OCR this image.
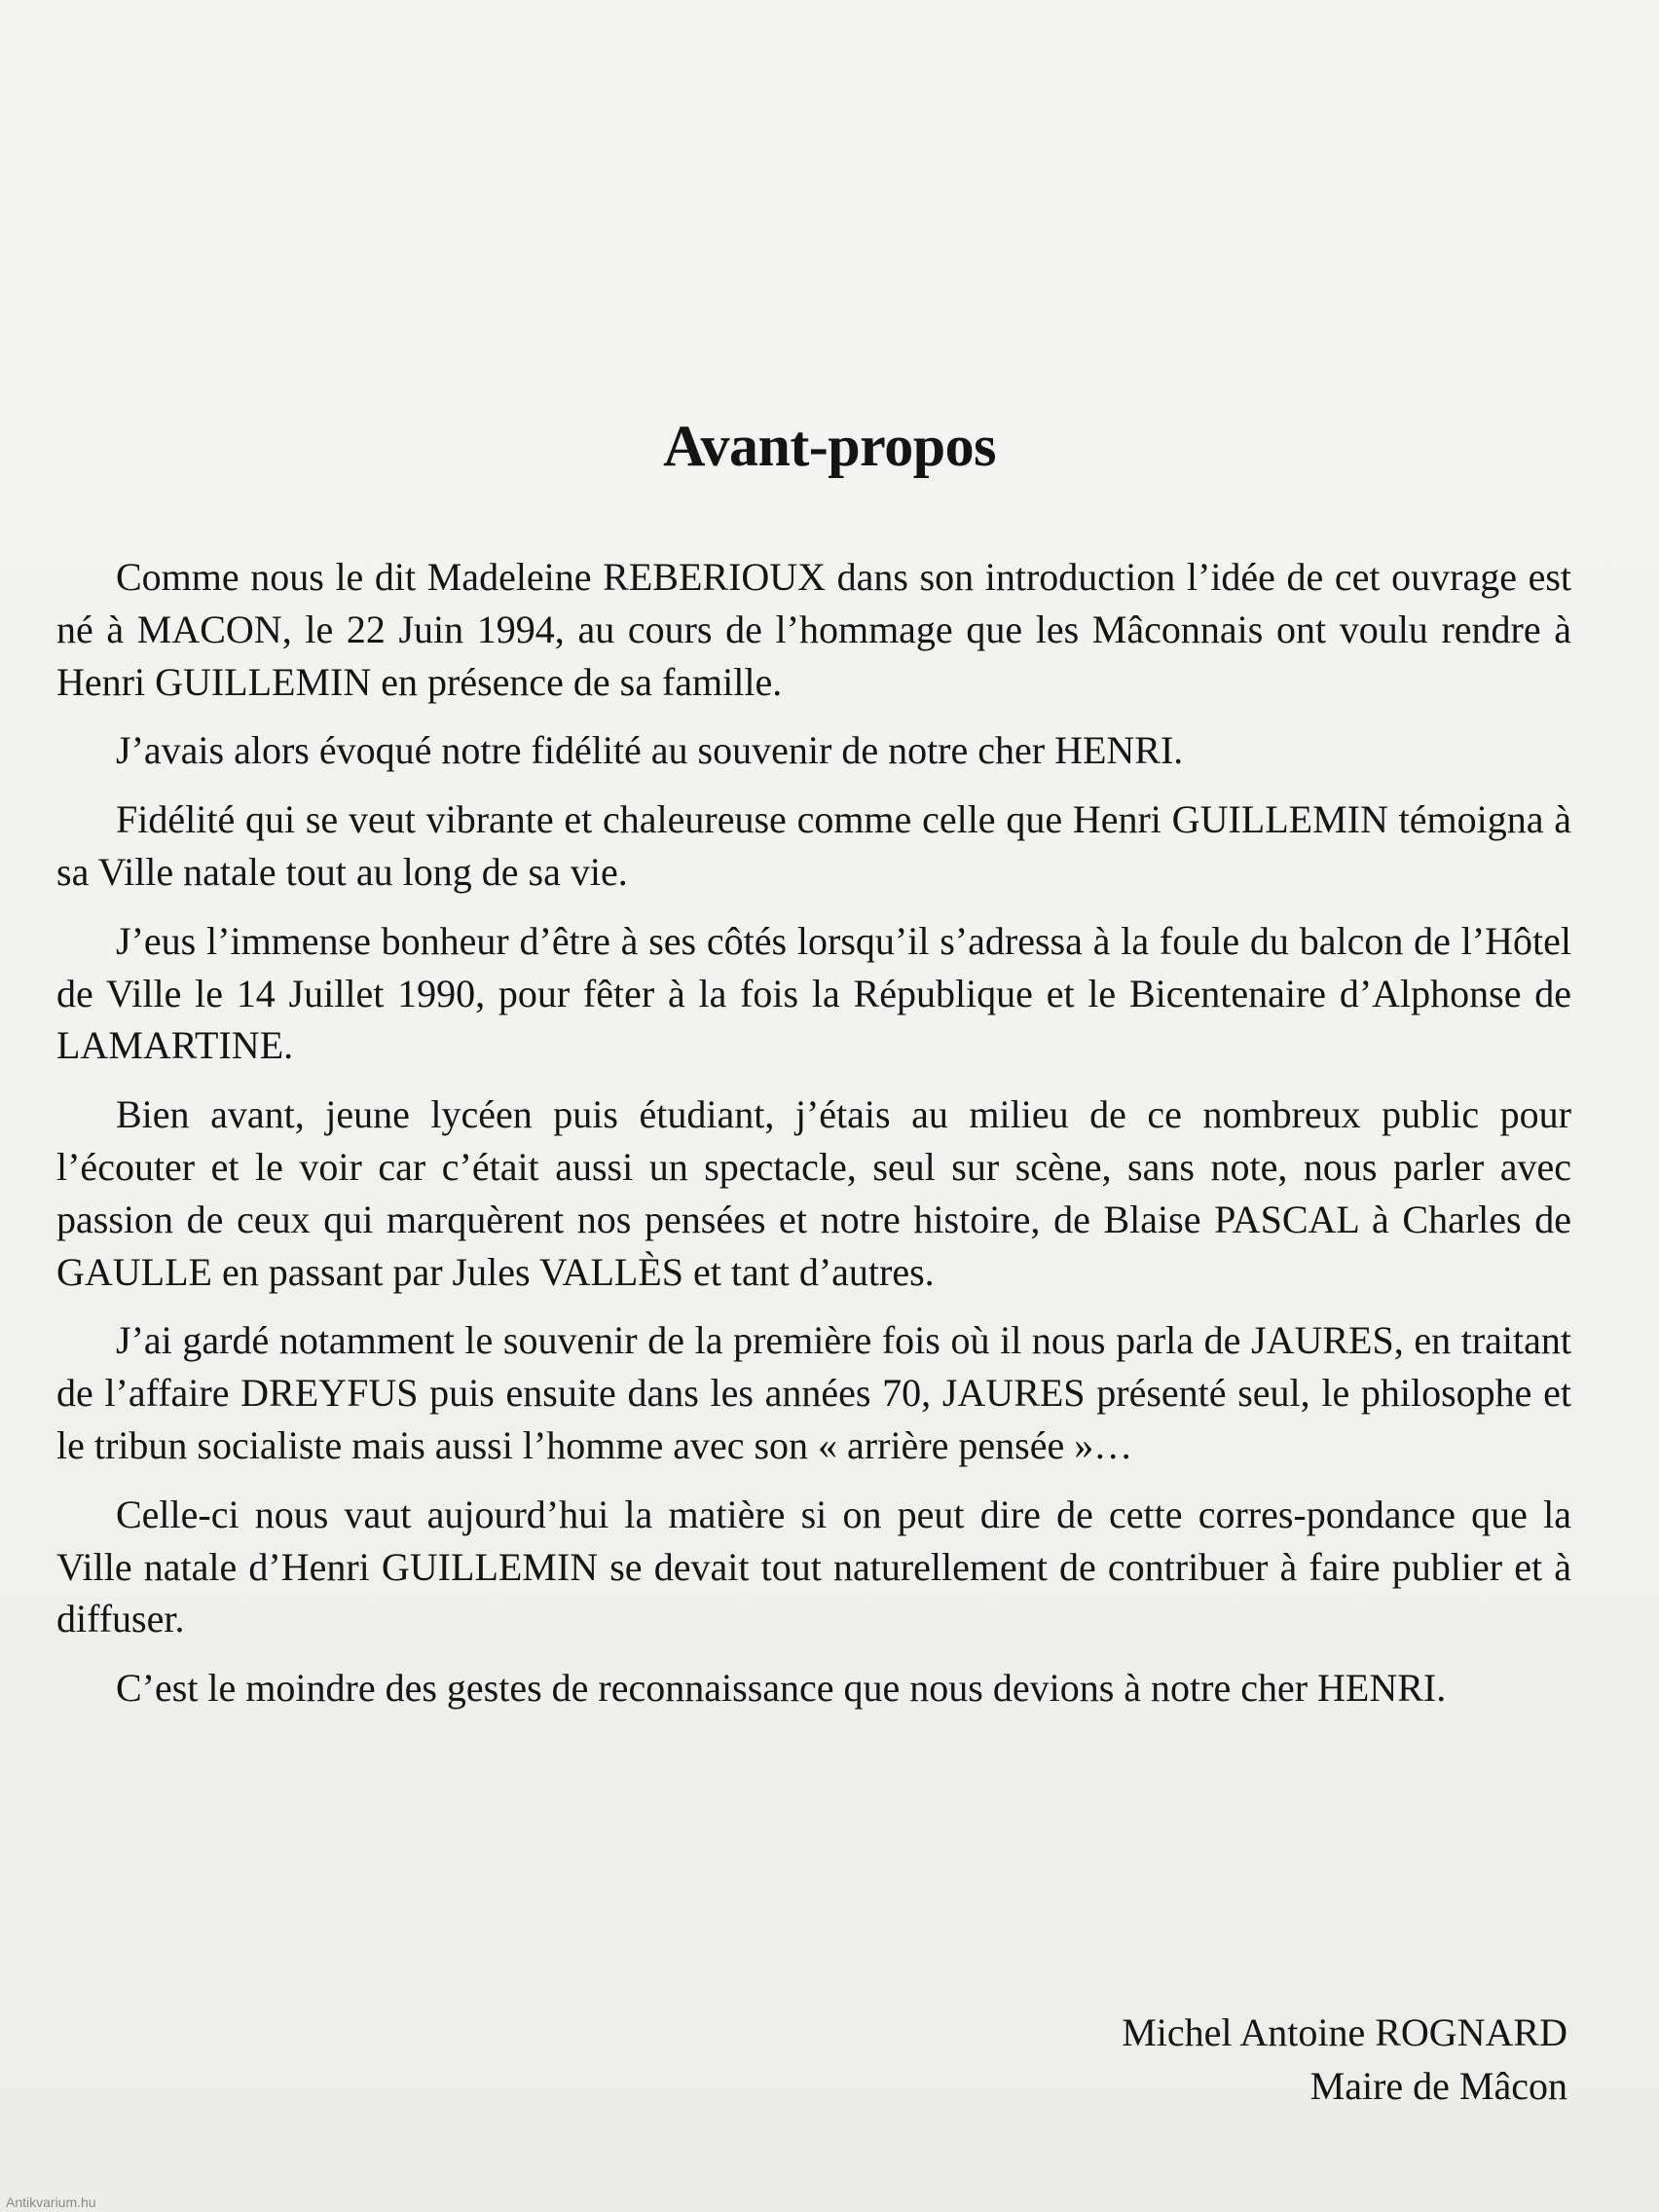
Avant-propos

Comme nous le dit Madeleine REBERIOUX dans son introduction l’idée de cet ouvrage est né à MACON, le 22 Juin 1994, au cours de l’hommage que les Mâconnais ont voulu rendre à Henri GUILLEMIN en présence de sa famille.

J’avais alors évoqué notre fidélité au souvenir de notre cher HENRI.

Fidélité qui se veut vibrante et chaleureuse comme celle que Henri GUILLEMIN témoigna à sa Ville natale tout au long de sa vie.

J’eus l’immense bonheur d’être à ses côtés lorsqu’il s’adressa à la foule du balcon de l’Hôtel de Ville le 14 Juillet 1990, pour fêter à la fois la République et le Bicentenaire d’Alphonse de LAMARTINE.

Bien avant, jeune lycéen puis étudiant, j’étais au milieu de ce nombreux public pour l’écouter et le voir car c’était aussi un spectacle, seul sur scène, sans note, nous parler avec passion de ceux qui marquèrent nos pensées et notre histoire, de Blaise PASCAL à Charles de GAULLE en passant par Jules VALLÈS et tant d’autres.

J’ai gardé notamment le souvenir de la première fois où il nous parla de JAURES, en traitant de l’affaire DREYFUS puis ensuite dans les années 70, JAURES présenté seul, le philosophe et le tribun socialiste mais aussi l’homme avec son « arrière pensée »…

Celle-ci nous vaut aujourd’hui la matière si on peut dire de cette corres-pondance que la Ville natale d’Henri GUILLEMIN se devait tout naturellement de contribuer à faire publier et à diffuser.

C’est le moindre des gestes de reconnaissance que nous devions à notre cher HENRI.

Michel Antoine ROGNARD
Maire de Mâcon
Antikvarium.hu
